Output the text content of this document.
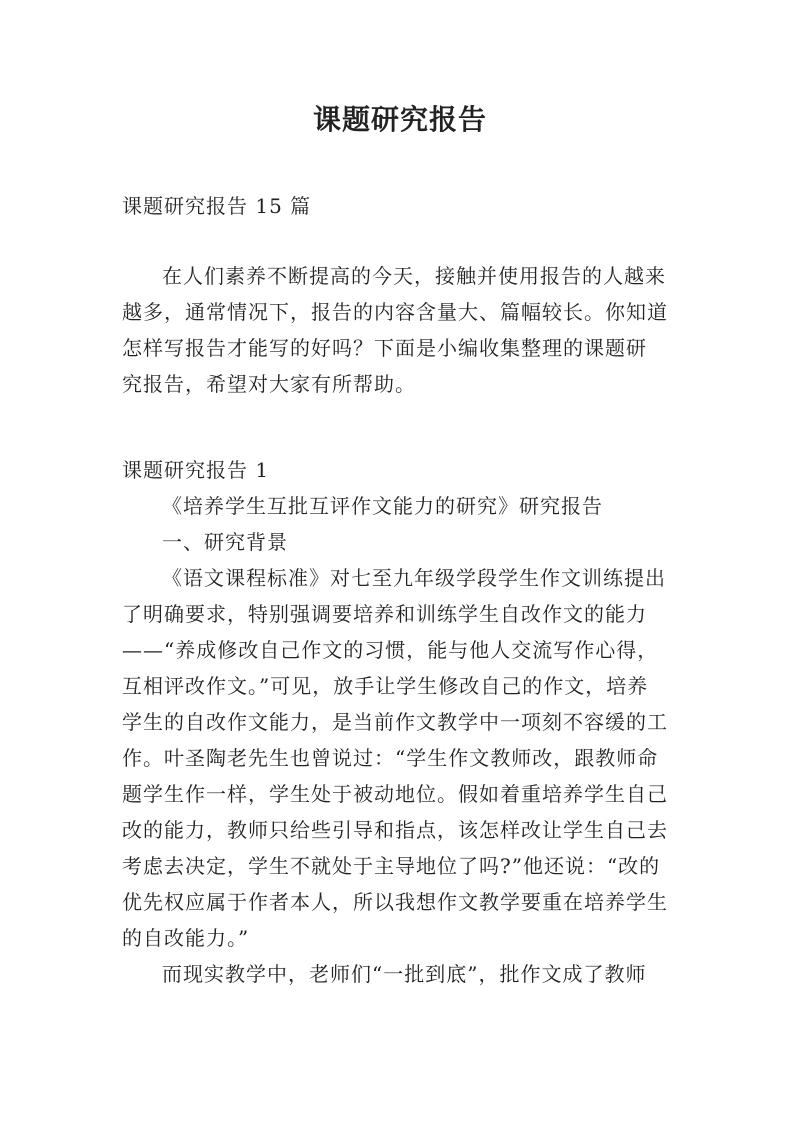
课题研究报告
课题研究报告 15 篇
在人们素养不断提高的今天，接触并使用报告的人越来
越多，通常情况下，报告的内容含量大、篇幅较长。你知道
怎样写报告才能写的好吗？下面是小编收集整理的课题研
究报告，希望对大家有所帮助。
课题研究报告 1
《培养学生互批互评作文能力的研究》研究报告
一、研究背景
《语文课程标准》对七至九年级学段学生作文训练提出
了明确要求，特别强调要培养和训练学生自改作文的能力
——“养成修改自己作文的习惯，能与他人交流写作心得，
互相评改作文。”可见，放手让学生修改自己的作文，培养
学生的自改作文能力，是当前作文教学中一项刻不容缓的工
作。叶圣陶老先生也曾说过：“学生作文教师改，跟教师命
题学生作一样，学生处于被动地位。假如着重培养学生自己
改的能力，教师只给些引导和指点，该怎样改让学生自己去
考虑去决定，学生不就处于主导地位了吗?”他还说：“改的
优先权应属于作者本人，所以我想作文教学要重在培养学生
的自改能力。”
而现实教学中，老师们“一批到底”，批作文成了教师
